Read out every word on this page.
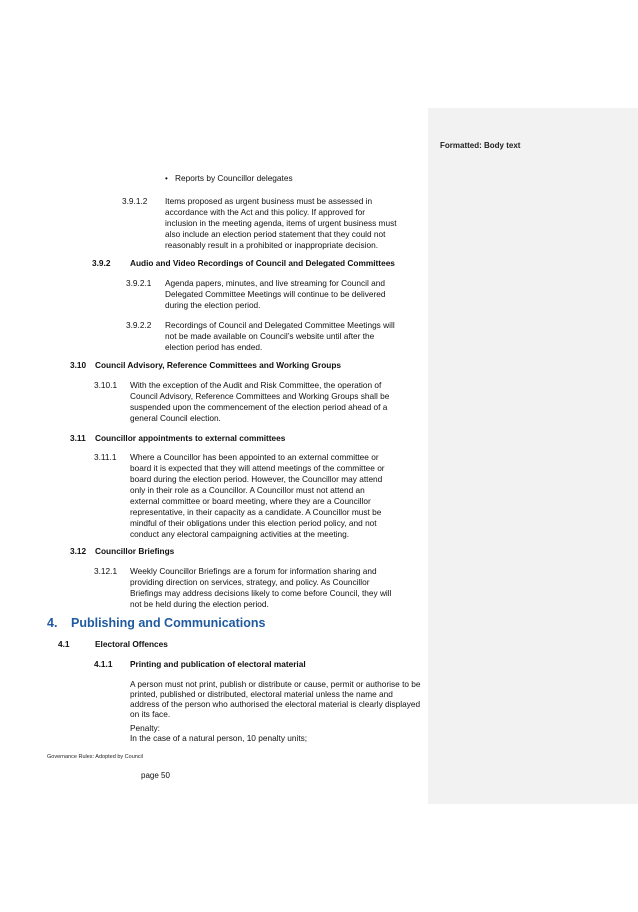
Formatted: Body text
• Reports by Councillor delegates
3.9.1.2 Items proposed as urgent business must be assessed in
accordance with the Act and this policy. If approved for
inclusion in the meeting agenda, items of urgent business must
also include an election period statement that they could not
reasonably result in a prohibited or inappropriate decision.
3.9.2 Audio and Video Recordings of Council and Delegated Committees
3.9.2.1 Agenda papers, minutes, and live streaming for Council and
Delegated Committee Meetings will continue to be delivered
during the election period.
3.9.2.2 Recordings of Council and Delegated Committee Meetings will
not be made available on Council’s website until after the
election period has ended.
3.10 Council Advisory, Reference Committees and Working Groups
3.10.1 With the exception of the Audit and Risk Committee, the operation of
Council Advisory, Reference Committees and Working Groups shall be
suspended upon the commencement of the election period ahead of a
general Council election.
3.11 Councillor appointments to external committees
3.11.1 Where a Councillor has been appointed to an external committee or
board it is expected that they will attend meetings of the committee or
board during the election period. However, the Councillor may attend
only in their role as a Councillor. A Councillor must not attend an
external committee or board meeting, where they are a Councillor
representative, in their capacity as a candidate. A Councillor must be
mindful of their obligations under this election period policy, and not
conduct any electoral campaigning activities at the meeting.
3.12 Councillor Briefings
3.12.1 Weekly Councillor Briefings are a forum for information sharing and
providing direction on services, strategy, and policy. As Councillor
Briefings may address decisions likely to come before Council, they will
not be held during the election period.
4. Publishing and Communications
4.1	Electoral Offences
4.1.1 Printing and publication of electoral material
A person must not print, publish or distribute or cause, permit or authorise to be
printed, published or distributed, electoral material unless the name and
address of the person who authorised the electoral material is clearly displayed
on its face.
Penalty:
In the case of a natural person, 10 penalty units;
Governance Rules: Adopted by Council
page 50
